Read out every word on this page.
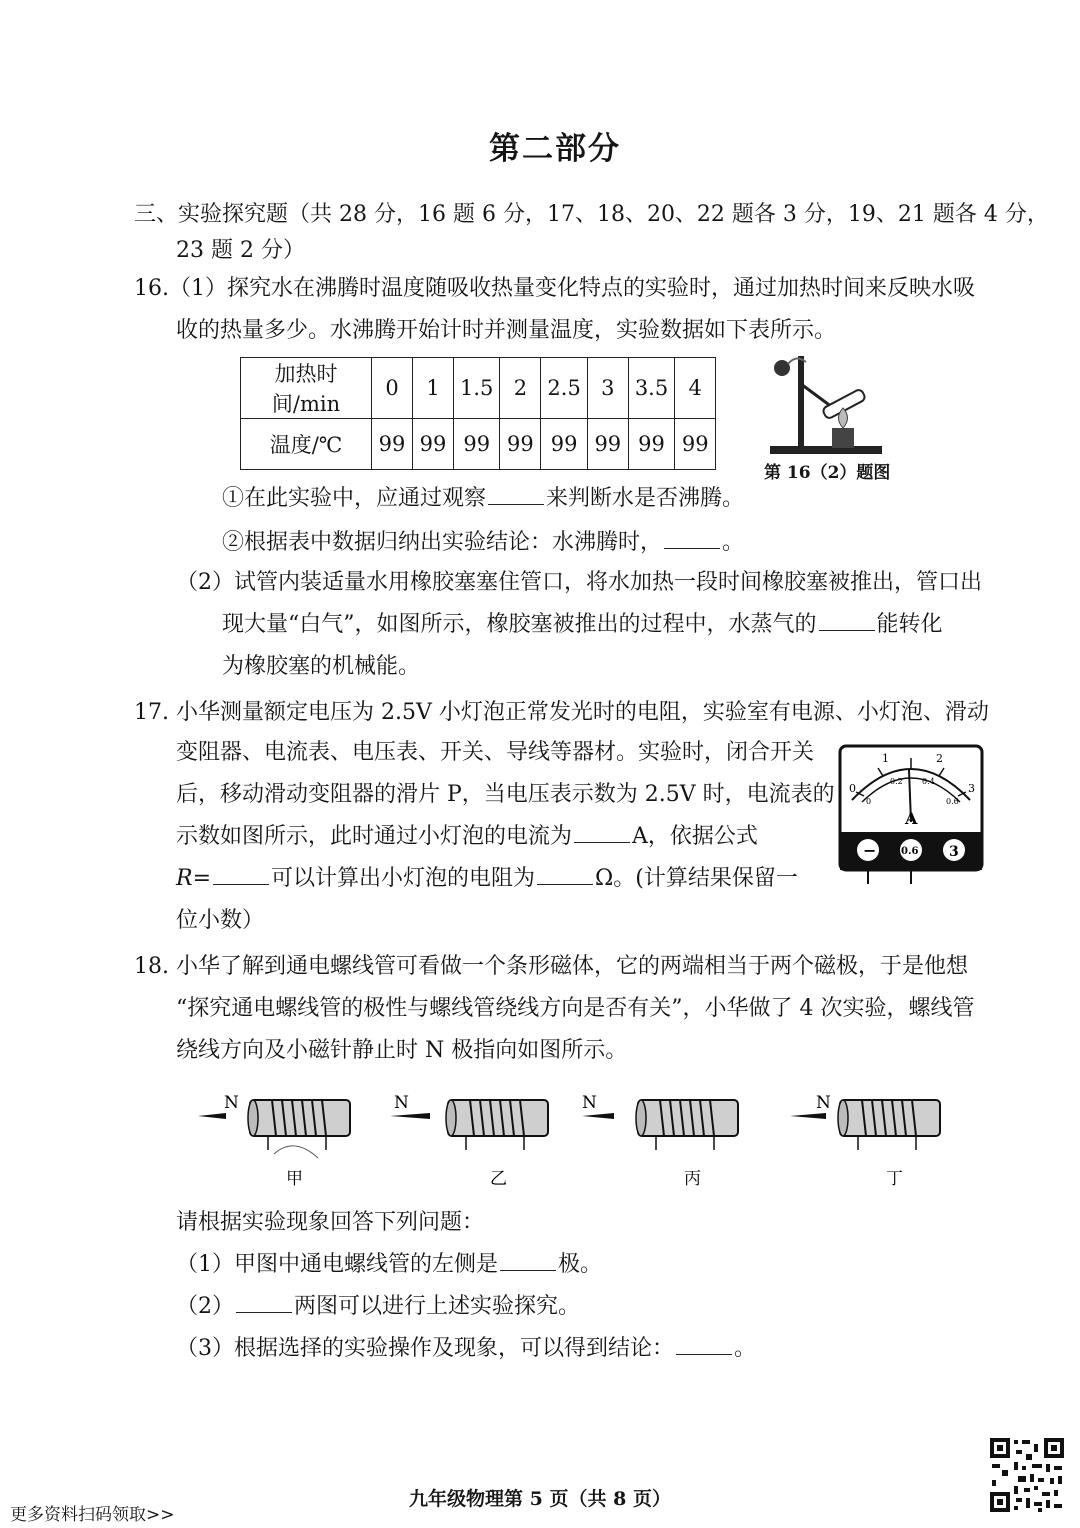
第二部分
三、实验探究题（共 28 分，16 题 6 分，17、18、20、22 题各 3 分，19、21 题各 4 分，
23 题 2 分）
16.（1）探究水在沸腾时温度随吸收热量变化特点的实验时，通过加热时间来反映水吸
收的热量多少。水沸腾开始计时并测量温度，实验数据如下表所示。
加热时间/min	0	1	1.5	2	2.5	3	3.5	4
温度/℃	99	99	99	99	99	99	99	99
第 16（2）题图
①在此实验中，应通过观察	来判断水是否沸腾。
②根据表中数据归纳出实验结论：水沸腾时，	。
（2）试管内装适量水用橡胶塞塞住管口，将水加热一段时间橡胶塞被推出，管口出
现大量“白气”，如图所示，橡胶塞被推出的过程中，水蒸气的	能转化
为橡胶塞的机械能。
17. 小华测量额定电压为 2.5V 小灯泡正常发光时的电阻，实验室有电源、小灯泡、滑动
变阻器、电流表、电压表、开关、导线等器材。实验时，闭合开关
后，移动滑动变阻器的滑片 P，当电压表示数为 2.5V 时，电流表的
示数如图所示，此时通过小灯泡的电流为	A，依据公式
R=	可以计算出小灯泡的电阻为	Ω。(计算结果保留一
位小数）
0
1	2
3
0
0.2 0.4
0.6
A
− 0.6 3
18. 小华了解到通电螺线管可看做一个条形磁体，它的两端相当于两个磁极，于是他想
“探究通电螺线管的极性与螺线管绕线方向是否有关”，小华做了 4 次实验，螺线管
绕线方向及小磁针静止时 N 极指向如图所示。
N
甲
N
乙
N
丙
N
丁
请根据实验现象回答下列问题：
（1）甲图中通电螺线管的左侧是	极。
（2）	两图可以进行上述实验探究。
（3）根据选择的实验操作及现象，可以得到结论：	。
九年级物理第 5 页（共 8 页）
更多资料扫码领取>>
